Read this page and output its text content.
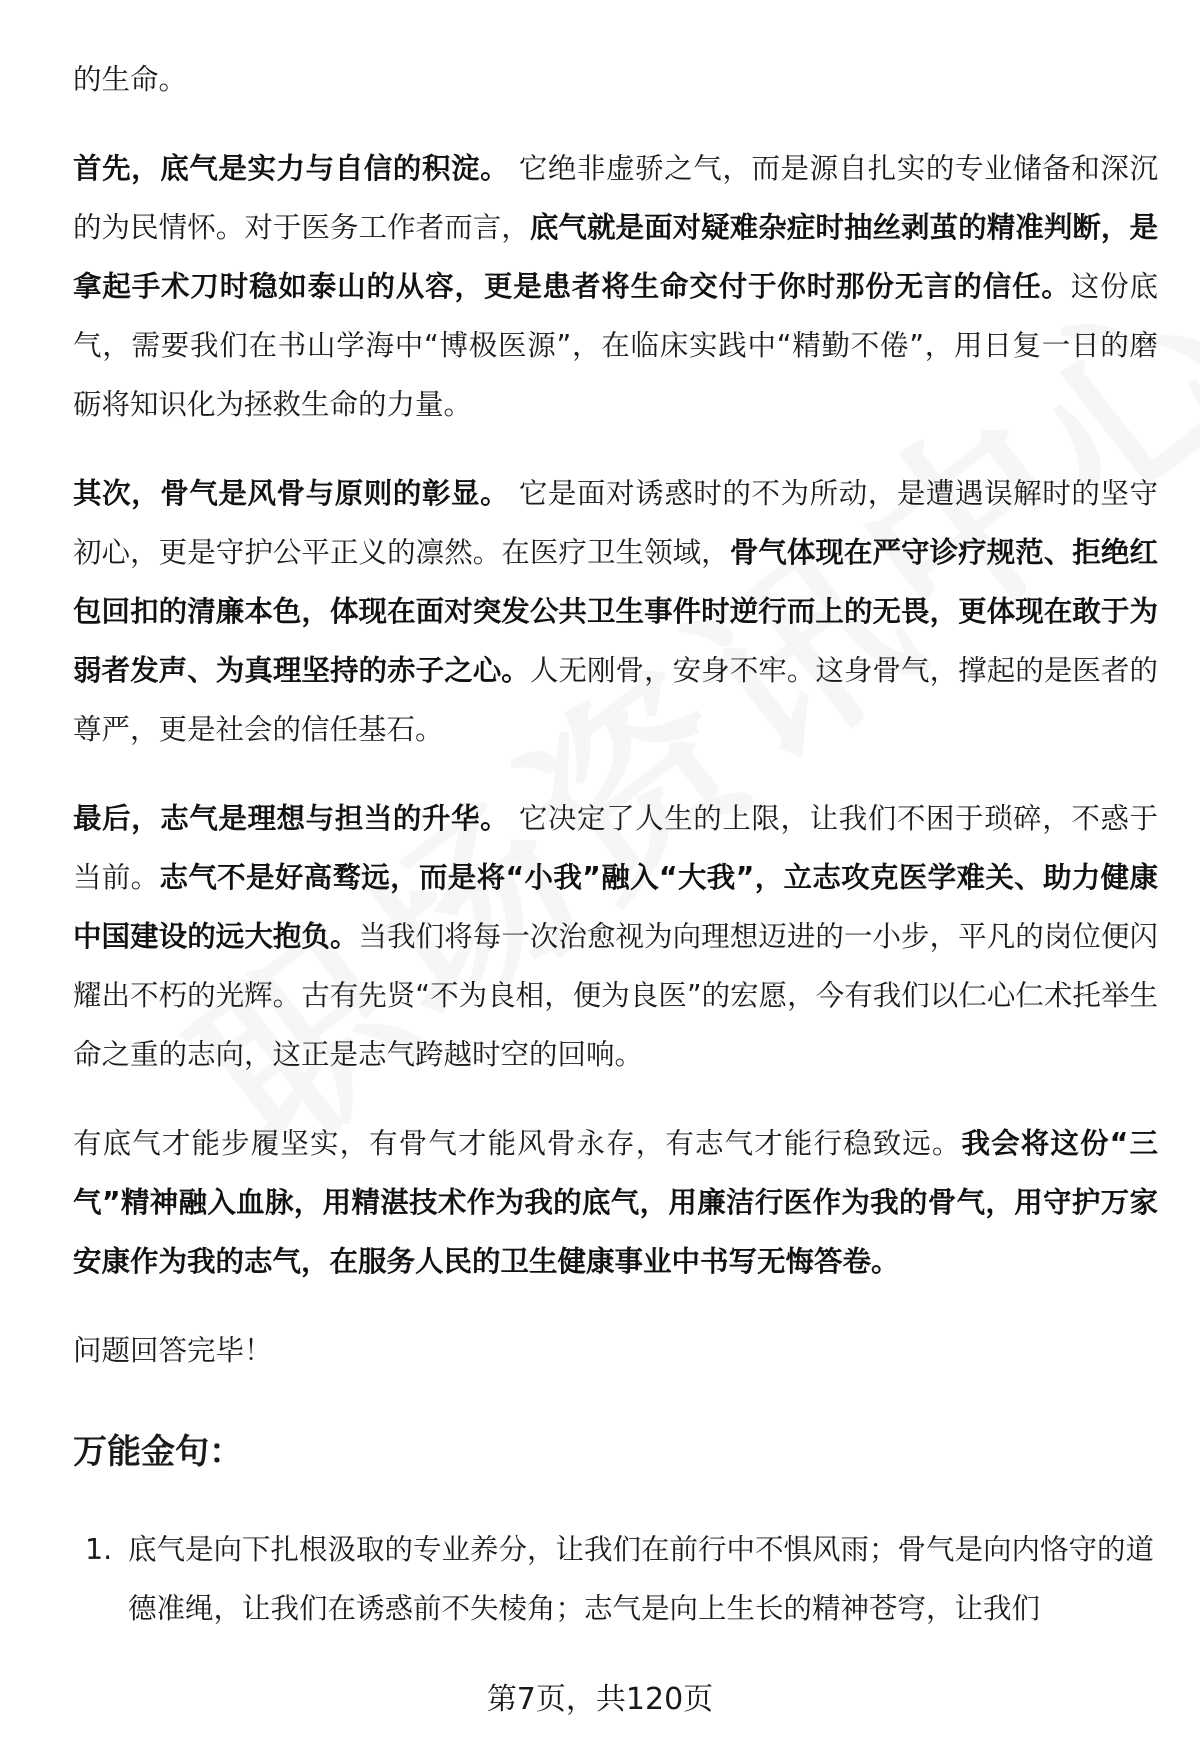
的生命。

首先，底气是实力与自信的积淀。 它绝非虚骄之气，而是源自扎实的专业储备和深沉的为民情怀。对于医务工作者而言，底气就是面对疑难杂症时抽丝剥茧的精准判断，是拿起手术刀时稳如泰山的从容，更是患者将生命交付于你时那份无言的信任。这份底气，需要我们在书山学海中“博极医源”，在临床实践中“精勤不倦”，用日复一日的磨砺将知识化为拯救生命的力量。

其次，骨气是风骨与原则的彰显。 它是面对诱惑时的不为所动，是遭遇误解时的坚守初心，更是守护公平正义的凛然。在医疗卫生领域，骨气体现在严守诊疗规范、拒绝红包回扣的清廉本色，体现在面对突发公共卫生事件时逆行而上的无畏，更体现在敢于为弱者发声、为真理坚持的赤子之心。人无刚骨，安身不牢。这身骨气，撑起的是医者的尊严，更是社会的信任基石。

最后，志气是理想与担当的升华。 它决定了人生的上限，让我们不困于琐碎，不惑于当前。志气不是好高骛远，而是将“小我”融入“大我”，立志攻克医学难关、助力健康中国建设的远大抱负。当我们将每一次治愈视为向理想迈进的一小步，平凡的岗位便闪耀出不朽的光辉。古有先贤“不为良相，便为良医”的宏愿，今有我们以仁心仁术托举生命之重的志向，这正是志气跨越时空的回响。

有底气才能步履坚实，有骨气才能风骨永存，有志气才能行稳致远。我会将这份“三气”精神融入血脉，用精湛技术作为我的底气，用廉洁行医作为我的骨气，用守护万家安康作为我的志气，在服务人民的卫生健康事业中书写无悔答卷。

问题回答完毕！

万能金句：
1. 底气是向下扎根汲取的专业养分，让我们在前行中不惧风雨；骨气是向内恪守的道德准绳，让我们在诱惑前不失棱角；志气是向上生长的精神苍穹，让我们
第7页，共120页
